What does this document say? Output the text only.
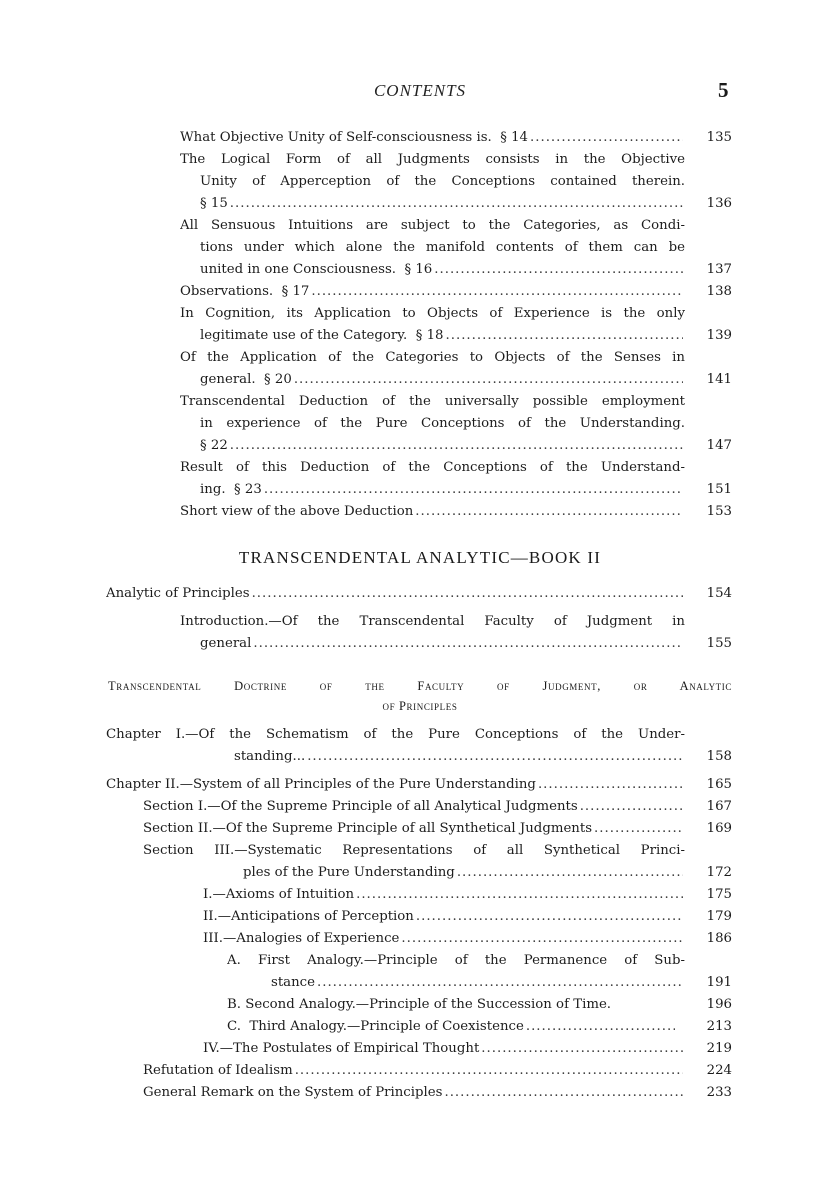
CONTENTS	5
What Objective Unity of Self-consciousness is.  § 14 .....	135
The Logical Form of all Judgments consists in the Objective
Unity of Apperception of the Conceptions contained therein.
§ 15 .....	136
All Sensuous Intuitions are subject to the Categories, as Condi-
tions under which alone the manifold contents of them can be
united in one Consciousness.  § 16 .....	137
Observations.  § 17 .....	138
In Cognition, its Application to Objects of Experience is the only
legitimate use of the Category.  § 18 .....	139
Of the Application of the Categories to Objects of the Senses in
general.  § 20 .....	141
Transcendental Deduction of the universally possible employment
in experience of the Pure Conceptions of the Understanding.
§ 22 .....	147
Result of this Deduction of the Conceptions of the Understand-
ing.  § 23 .....	151
Short view of the above Deduction .....	153
TRANSCENDENTAL ANALYTIC—BOOK II
Analytic of Principles .....	154
Introduction.—Of the Transcendental Faculty of Judgment in
general .....	155
Transcendental Doctrine of the Faculty of Judgment, or Analytic
of Principles
Chapter I.—Of the Schematism of the Pure Conceptions of the Under-
standing... .....	158
Chapter II.—System of all Principles of the Pure Understanding .....	165
Section I.—Of the Supreme Principle of all Analytical Judgments .....	167
Section II.—Of the Supreme Principle of all Synthetical Judgments .....	169
Section III.—Systematic Representations of all Synthetical Princi-
ples of the Pure Understanding .....	172
I.—Axioms of Intuition .....	175
II.—Anticipations of Perception .....	179
III.—Analogies of Experience .....	186
A. First Analogy.—Principle of the Permanence of Sub-
stance .....	191
B. Second Analogy.—Principle of the Succession of Time.	196
C.  Third Analogy.—Principle of Coexistence .....	213
IV.—The Postulates of Empirical Thought .....	219
Refutation of Idealism .....	224
General Remark on the System of Principles .....	233
